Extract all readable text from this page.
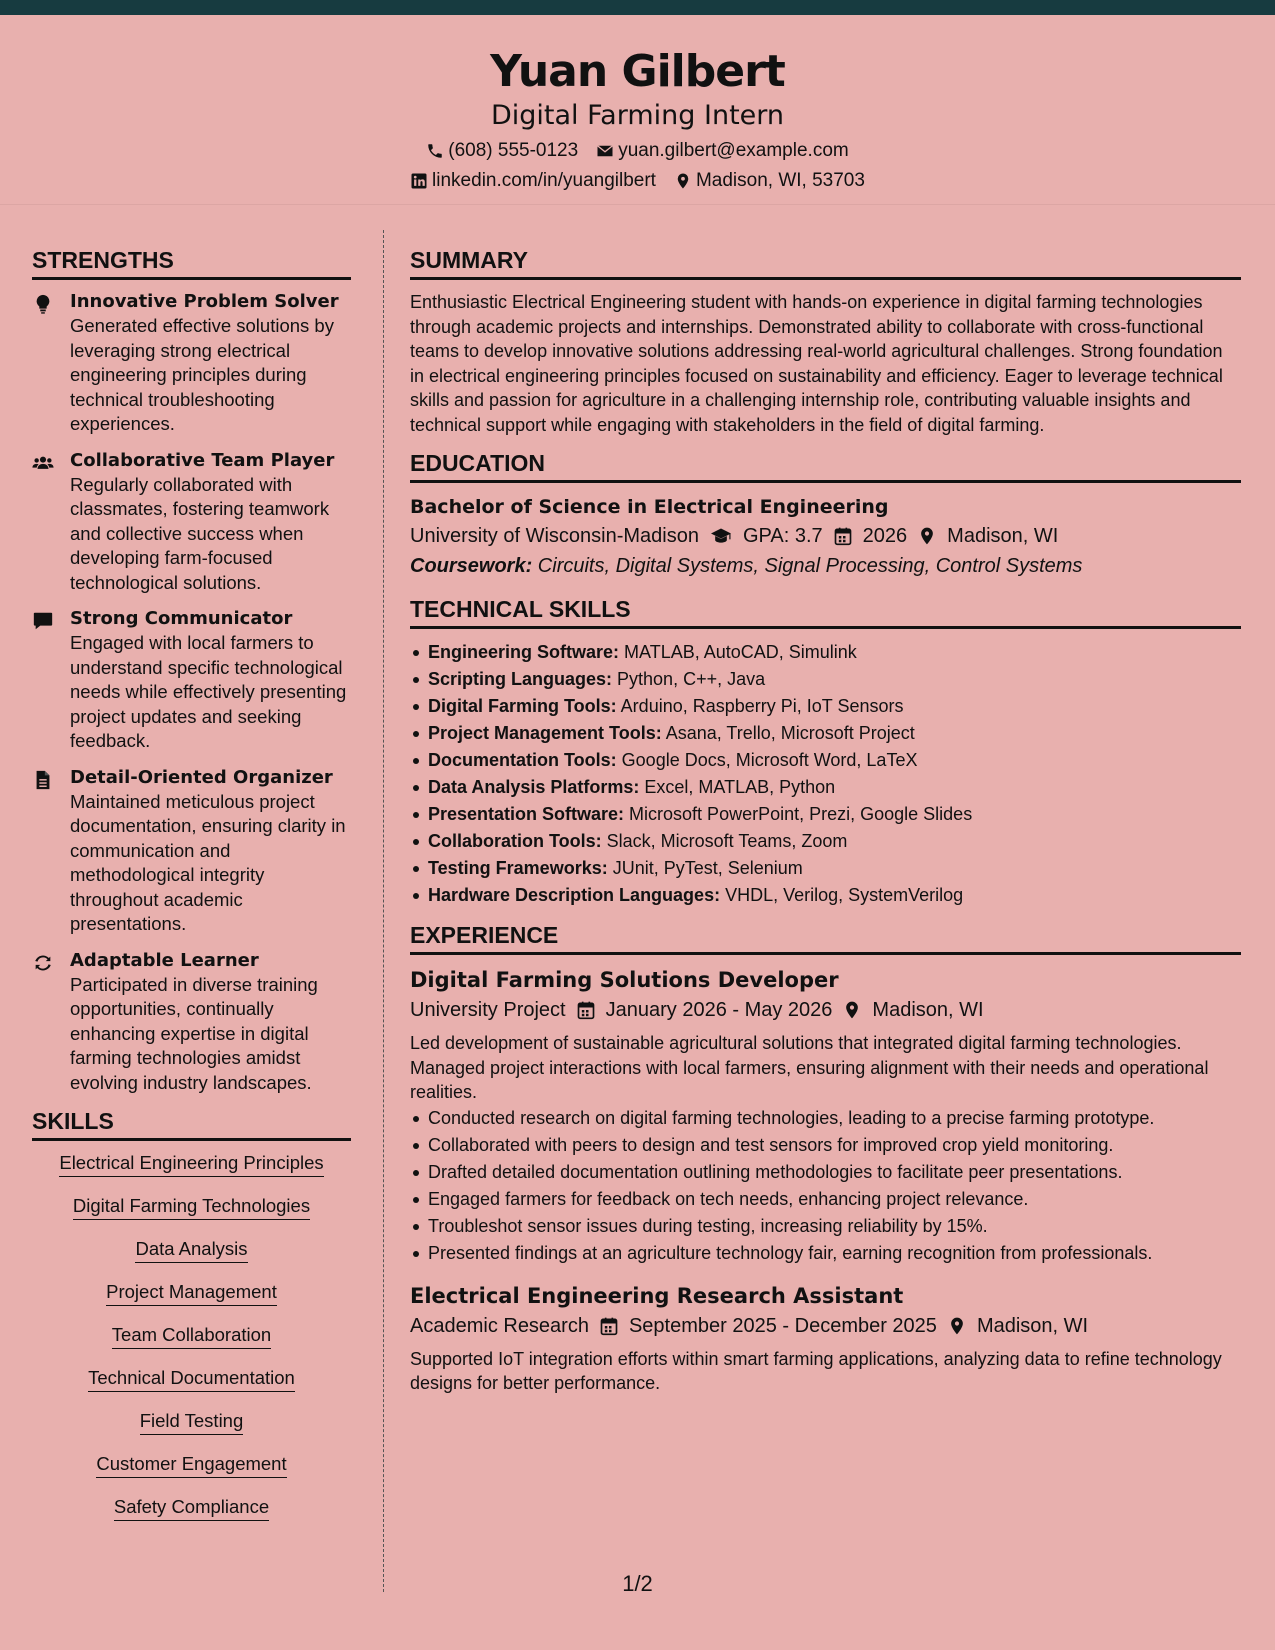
Yuan Gilbert
Digital Farming Intern
(608) 555-0123 yuan.gilbert@example.com
linkedin.com/in/yuangilbert Madison, WI, 53703
STRENGTHS
Innovative Problem Solver
Generated effective solutions by leveraging strong electrical engineering principles during technical troubleshooting experiences.
Collaborative Team Player
Regularly collaborated with classmates, fostering teamwork and collective success when developing farm-focused technological solutions.
Strong Communicator
Engaged with local farmers to understand specific technological needs while effectively presenting project updates and seeking feedback.
Detail-Oriented Organizer
Maintained meticulous project documentation, ensuring clarity in communication and methodological integrity throughout academic presentations.
Adaptable Learner
Participated in diverse training opportunities, continually enhancing expertise in digital farming technologies amidst evolving industry landscapes.
SKILLS
Electrical Engineering Principles
Digital Farming Technologies
Data Analysis
Project Management
Team Collaboration
Technical Documentation
Field Testing
Customer Engagement
Safety Compliance
SUMMARY
Enthusiastic Electrical Engineering student with hands-on experience in digital farming technologies through academic projects and internships. Demonstrated ability to collaborate with cross-functional teams to develop innovative solutions addressing real-world agricultural challenges. Strong foundation in electrical engineering principles focused on sustainability and efficiency. Eager to leverage technical skills and passion for agriculture in a challenging internship role, contributing valuable insights and technical support while engaging with stakeholders in the field of digital farming.
EDUCATION
Bachelor of Science in Electrical Engineering
University of Wisconsin-Madison GPA: 3.7 2026 Madison, WI
Coursework: Circuits, Digital Systems, Signal Processing, Control Systems
TECHNICAL SKILLS
Engineering Software: MATLAB, AutoCAD, Simulink
Scripting Languages: Python, C++, Java
Digital Farming Tools: Arduino, Raspberry Pi, IoT Sensors
Project Management Tools: Asana, Trello, Microsoft Project
Documentation Tools: Google Docs, Microsoft Word, LaTeX
Data Analysis Platforms: Excel, MATLAB, Python
Presentation Software: Microsoft PowerPoint, Prezi, Google Slides
Collaboration Tools: Slack, Microsoft Teams, Zoom
Testing Frameworks: JUnit, PyTest, Selenium
Hardware Description Languages: VHDL, Verilog, SystemVerilog
EXPERIENCE
Digital Farming Solutions Developer
University Project January 2026 - May 2026 Madison, WI
Led development of sustainable agricultural solutions that integrated digital farming technologies. Managed project interactions with local farmers, ensuring alignment with their needs and operational realities.
Conducted research on digital farming technologies, leading to a precise farming prototype.
Collaborated with peers to design and test sensors for improved crop yield monitoring.
Drafted detailed documentation outlining methodologies to facilitate peer presentations.
Engaged farmers for feedback on tech needs, enhancing project relevance.
Troubleshot sensor issues during testing, increasing reliability by 15%.
Presented findings at an agriculture technology fair, earning recognition from professionals.
Electrical Engineering Research Assistant
Academic Research September 2025 - December 2025 Madison, WI
Supported IoT integration efforts within smart farming applications, analyzing data to refine technology designs for better performance.
1/2
